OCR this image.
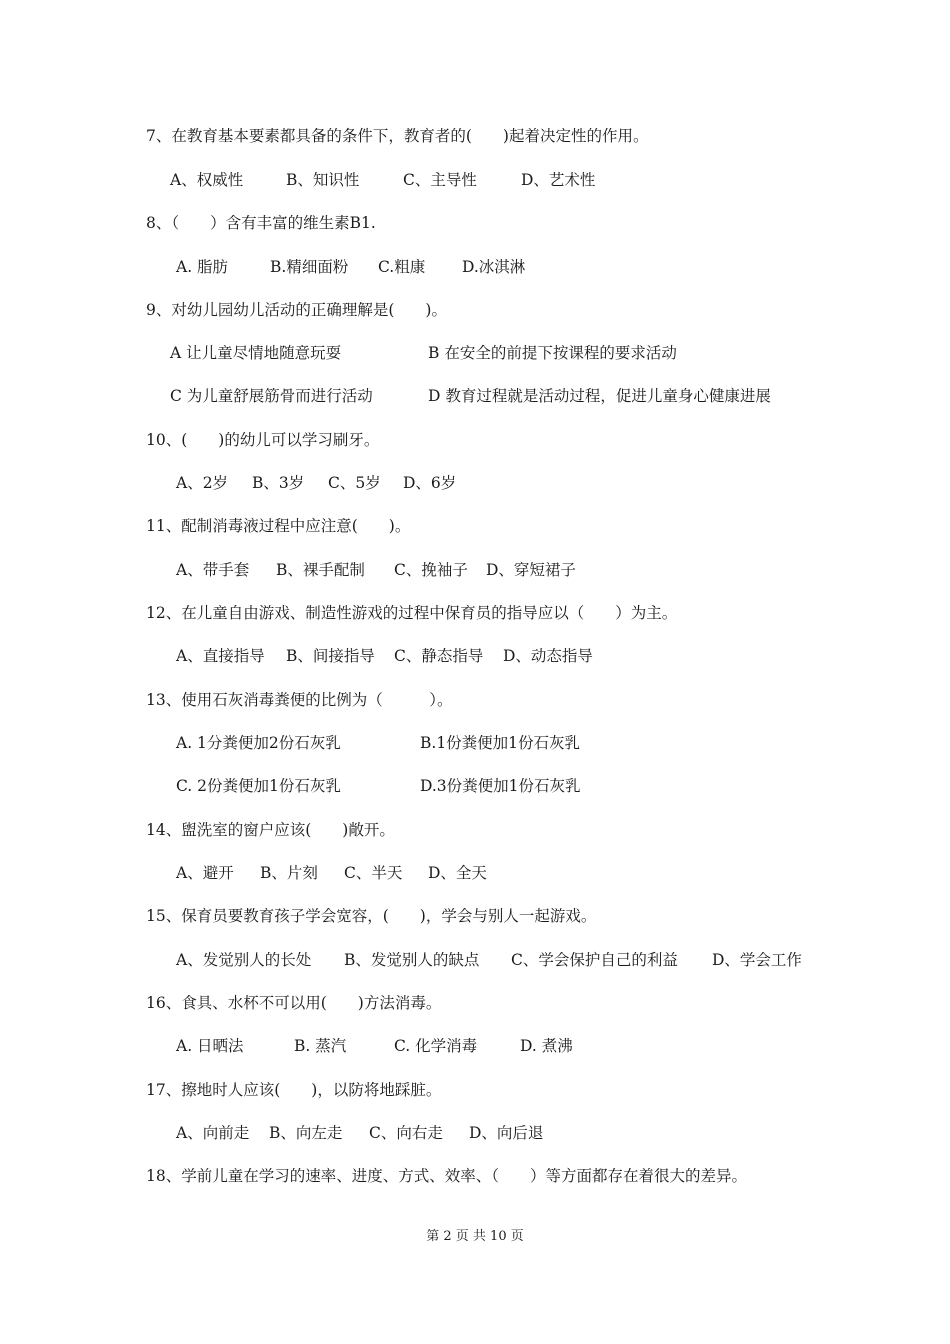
7、在教育基本要素都具备的条件下，教育者的(　　)起着决定性的作用。
A、权威性	B、知识性	C、主导性	D、艺术性
8、（　　）含有丰富的维生素B1.
A. 脂肪	B.精细面粉 C.粗康 D.冰淇淋
9、对幼儿园幼儿活动的正确理解是(　　)。
A 让儿童尽情地随意玩耍	B 在安全的前提下按课程的要求活动
C 为儿童舒展筋骨而进行活动	D 教育过程就是活动过程，促进儿童身心健康进展
10、(　　)的幼儿可以学习刷牙。
A、2岁 B、3岁 C、5岁 D、6岁
11、配制消毒液过程中应注意(　　)。
A、带手套 B、裸手配制 C、挽袖子 D、穿短裙子
12、在儿童自由游戏、制造性游戏的过程中保育员的指导应以（　　）为主。
A、直接指导 B、间接指导 C、静态指导 D、动态指导
13、使用石灰消毒粪便的比例为（　　　）。
A. 1分粪便加2份石灰乳	B.1份粪便加1份石灰乳
C. 2份粪便加1份石灰乳	D.3份粪便加1份石灰乳
14、盥洗室的窗户应该(　　)敞开。
A、避开 B、片刻 C、半天 D、全天
15、保育员要教育孩子学会宽容，(　　)，学会与别人一起游戏。
A、发觉别人的长处 B、发觉别人的缺点 C、学会保护自己的利益 D、学会工作
16、食具、水杯不可以用(　　)方法消毒。
A. 日晒法	B. 蒸汽	C. 化学消毒	D. 煮沸
17、擦地时人应该(　　)，以防将地踩脏。
A、向前走 B、向左走 C、向右走 D、向后退
18、学前儿童在学习的速率、进度、方式、效率、（　　）等方面都存在着很大的差异。
第 2 页 共 10 页
